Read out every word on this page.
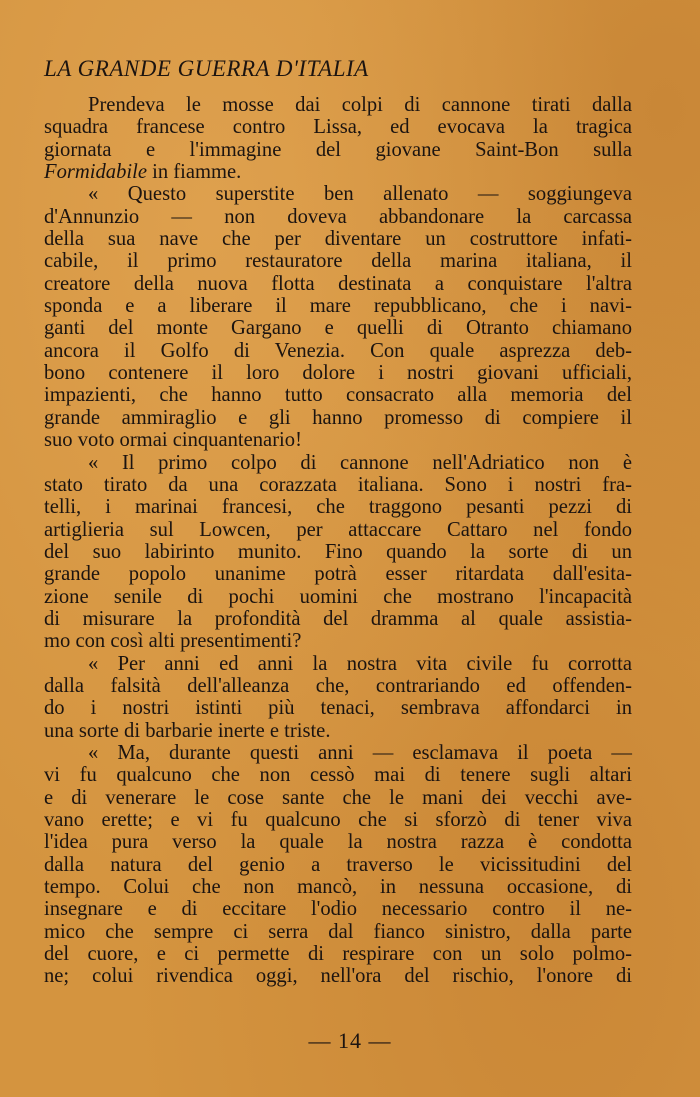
LA GRANDE GUERRA D'ITALIA
Prendeva le mosse dai colpi di cannone tirati dalla
squadra francese contro Lissa, ed evocava la tragica
giornata e l'immagine del giovane Saint-Bon sulla
Formidabile in fiamme.
« Questo superstite ben allenato — soggiungeva
d'Annunzio — non doveva abbandonare la carcassa
della sua nave che per diventare un costruttore infati-
cabile, il primo restauratore della marina italiana, il
creatore della nuova flotta destinata a conquistare l'altra
sponda e a liberare il mare repubblicano, che i navi-
ganti del monte Gargano e quelli di Otranto chiamano
ancora il Golfo di Venezia. Con quale asprezza deb-
bono contenere il loro dolore i nostri giovani ufficiali,
impazienti, che hanno tutto consacrato alla memoria del
grande ammiraglio e gli hanno promesso di compiere il
suo voto ormai cinquantenario!
« Il primo colpo di cannone nell'Adriatico non è
stato tirato da una corazzata italiana. Sono i nostri fra-
telli, i marinai francesi, che traggono pesanti pezzi di
artiglieria sul Lowcen, per attaccare Cattaro nel fondo
del suo labirinto munito. Fino quando la sorte di un
grande popolo unanime potrà esser ritardata dall'esita-
zione senile di pochi uomini che mostrano l'incapacità
di misurare la profondità del dramma al quale assistia-
mo con così alti presentimenti?
« Per anni ed anni la nostra vita civile fu corrotta
dalla falsità dell'alleanza che, contrariando ed offenden-
do i nostri istinti più tenaci, sembrava affondarci in
una sorte di barbarie inerte e triste.
« Ma, durante questi anni — esclamava il poeta —
vi fu qualcuno che non cessò mai di tenere sugli altari
e di venerare le cose sante che le mani dei vecchi ave-
vano erette; e vi fu qualcuno che si sforzò di tener viva
l'idea pura verso la quale la nostra razza è condotta
dalla natura del genio a traverso le vicissitudini del
tempo. Colui che non mancò, in nessuna occasione, di
insegnare e di eccitare l'odio necessario contro il ne-
mico che sempre ci serra dal fianco sinistro, dalla parte
del cuore, e ci permette di respirare con un solo polmo-
ne; colui rivendica oggi, nell'ora del rischio, l'onore di
— 14 —
